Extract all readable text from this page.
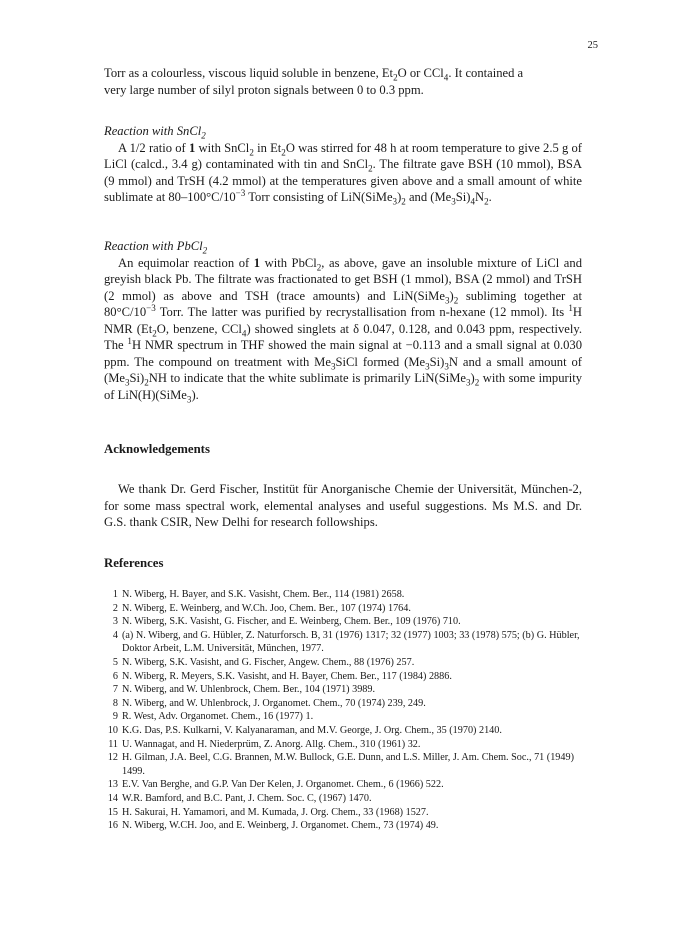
25

Torr as a colourless, viscous liquid soluble in benzene, $Et_2O$ or CCl$_4$. It contained a

very large number of silyl proton signals between 0 to 0.3 ppm.

Reaction with SnCl$_2$

A 1/2 ratio of 1 with SnCl$_2$ in $Et_2O$ was stirred for 48 h at room temperature to give 2.5 g of LiCl (calcd., 3.4 g) contaminated with tin and SnCl$_2$. The filtrate gave BSH (10 mmol), BSA (9 mmol) and TrSH (4.2 mmol) at the temperatures given above and a small amount of white sublimate at $80-100^\circ C/10^{-3}$ Torr consisting of $LiN(SiMe_3)_2$ and $(Me_3Si)_4N_2$.

Reaction with PbCl$_2$

An equimolar reaction of 1 with PbCl$_2$, as above, gave an insoluble mixture of LiCl and greyish black Pb. The filtrate was fractionated to get BSH (1 mmol), BSA (2 mmol) and TrSH (2 mmol) as above and TSH (trace amounts) and $LiN(SiMe_3)_2$ subliming together at $80^\circ C/10^{-3}$ Torr. The latter was purified by recrystallisation from n-hexane (12 mmol). Its $^1$H NMR ($Et_2O$, benzene, CCl$_4$) showed singlets at δ 0.047, 0.128, and 0.043 ppm, respectively. The $^1$H NMR spectrum in THF showed the main signal at −0.113 and a small signal at 0.030 ppm. The compound on treatment with $Me_3SiCl$ formed $(Me_3Si)_3N$ and a small amount of $(Me_3Si)_2NH$ to indicate that the white sublimate is primarily $LiN(SiMe_3)_2$ with some impurity of LiN(H)(SiMe$_3$).

Acknowledgements

We thank Dr. Gerd Fischer, Institüt für Anorganische Chemie der Universität, München-2, for some mass spectral work, elemental analyses and useful suggestions. Ms M.S. and Dr. G.S. thank CSIR, New Delhi for research followships.

References
1 N. Wiberg, H. Bayer, and S.K. Vasisht, Chem. Ber., 114 (1981) 2658.
2 N. Wiberg, E. Weinberg, and W.Ch. Joo, Chem. Ber., 107 (1974) 1764.
3 N. Wiberg, S.K. Vasisht, G. Fischer, and E. Weinberg, Chem. Ber., 109 (1976) 710.
4 (a) N. Wiberg, and G. Hübler, Z. Naturforsch. B, 31 (1976) 1317; 32 (1977) 1003; 33 (1978) 575; (b) G. Hübler, Doktor Arbeit, L.M. Universität, München, 1977.
5 N. Wiberg, S.K. Vasisht, and G. Fischer, Angew. Chem., 88 (1976) 257.
6 N. Wiberg, R. Meyers, S.K. Vasisht, and H. Bayer, Chem. Ber., 117 (1984) 2886.
7 N. Wiberg, and W. Uhlenbrock, Chem. Ber., 104 (1971) 3989.
8 N. Wiberg, and W. Uhlenbrock, J. Organomet. Chem., 70 (1974) 239, 249.
9 R. West, Adv. Organomet. Chem., 16 (1977) 1.
10 K.G. Das, P.S. Kulkarni, V. Kalyanaraman, and M.V. George, J. Org. Chem., 35 (1970) 2140.
11 U. Wannagat, and H. Niederprüm, Z. Anorg. Allg. Chem., 310 (1961) 32.
12 H. Gilman, J.A. Beel, C.G. Brannen, M.W. Bullock, G.E. Dunn, and L.S. Miller, J. Am. Chem. Soc., 71 (1949) 1499.
13 E.V. Van Berghe, and G.P. Van Der Kelen, J. Organomet. Chem., 6 (1966) 522.
14 W.R. Bamford, and B.C. Pant, J. Chem. Soc. C, (1967) 1470.
15 H. Sakurai, H. Yamamori, and M. Kumada, J. Org. Chem., 33 (1968) 1527.
16 N. Wiberg, W.CH. Joo, and E. Weinberg, J. Organomet. Chem., 73 (1974) 49.
